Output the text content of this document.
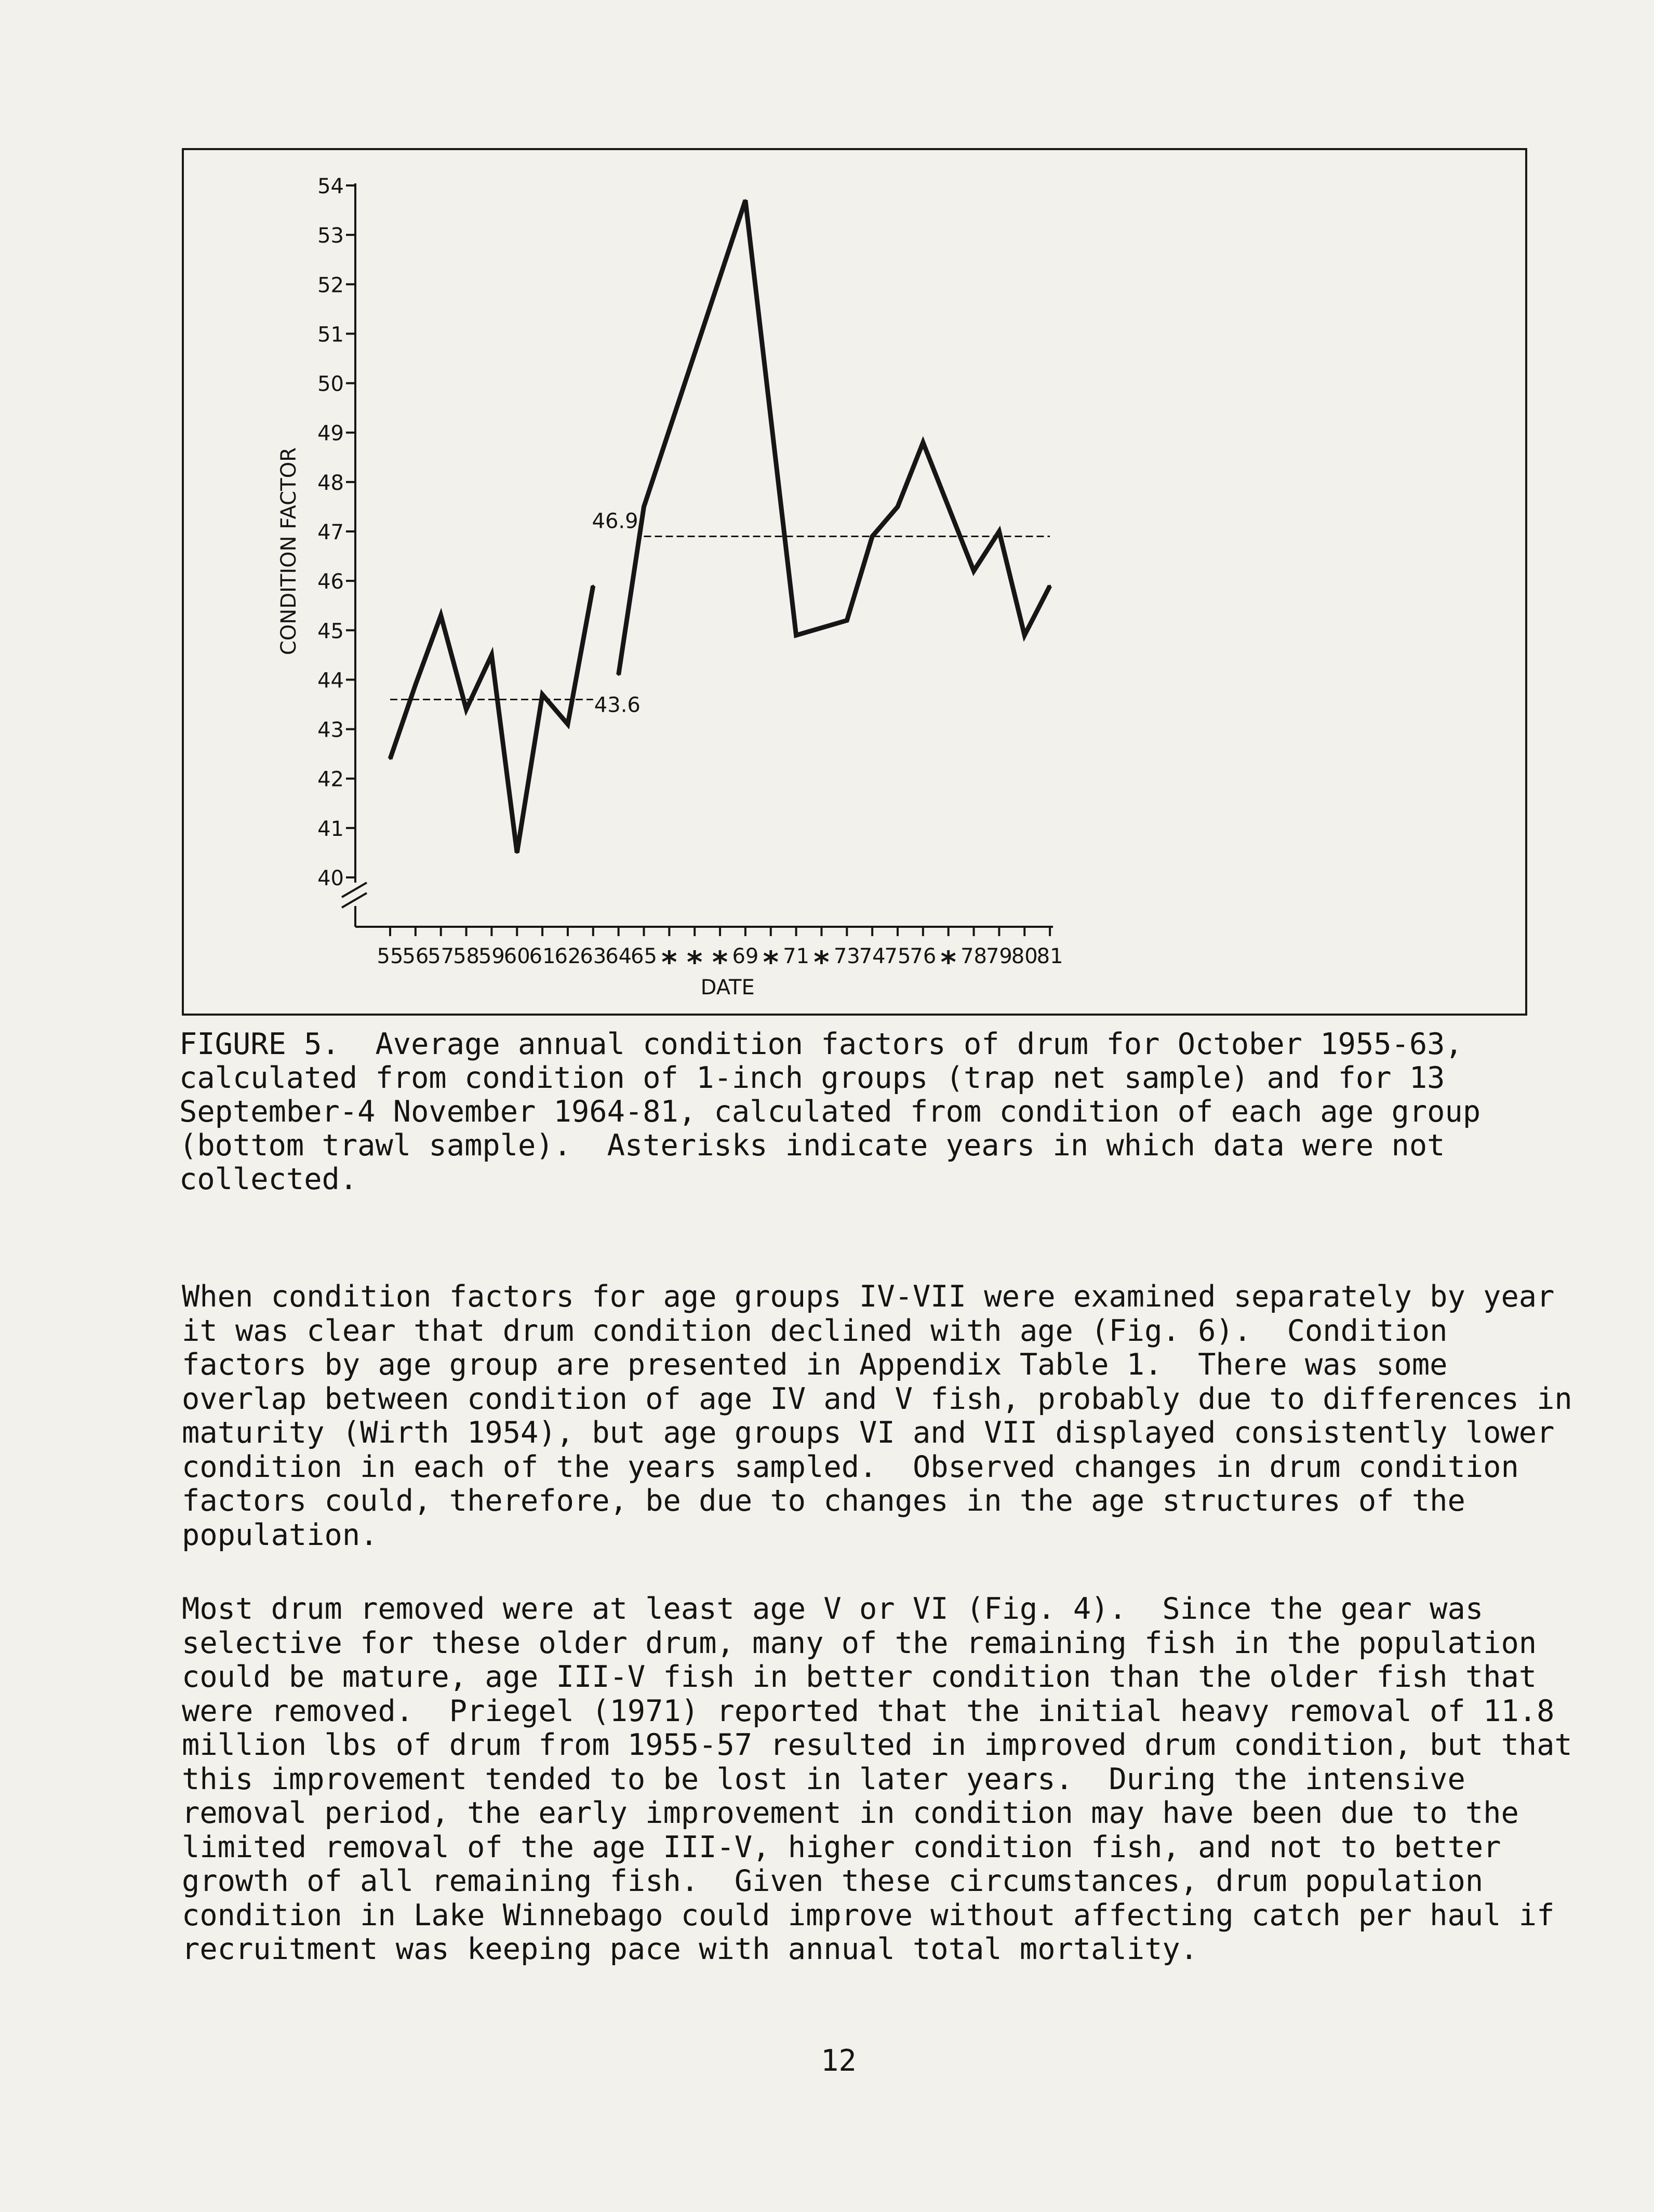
40
41
42
43
44
45
46
47
48
49
50
51
52
53
54
CONDITION FACTOR
55
56
57
58
59
60
61
62
63
64
65 * * * 69 * 71 * 73
74
75
76 * 78
79
80
81
DATE
43.6
46.9
FIGURE 5.  Average annual condition factors of drum for October 1955-63,
calculated from condition of 1-inch groups (trap net sample) and for 13
September-4 November 1964-81, calculated from condition of each age group
(bottom trawl sample).  Asterisks indicate years in which data were not
collected.
When condition factors for age groups IV-VII were examined separately by year
it was clear that drum condition declined with age (Fig. 6).  Condition
factors by age group are presented in Appendix Table 1.  There was some
overlap between condition of age IV and V fish, probably due to differences in
maturity (Wirth 1954), but age groups VI and VII displayed consistently lower
condition in each of the years sampled.  Observed changes in drum condition
factors could, therefore, be due to changes in the age structures of the
population.
Most drum removed were at least age V or VI (Fig. 4).  Since the gear was
selective for these older drum, many of the remaining fish in the population
could be mature, age III-V fish in better condition than the older fish that
were removed.  Priegel (1971) reported that the initial heavy removal of 11.8
million lbs of drum from 1955-57 resulted in improved drum condition, but that
this improvement tended to be lost in later years.  During the intensive
removal period, the early improvement in condition may have been due to the
limited removal of the age III-V, higher condition fish, and not to better
growth of all remaining fish.  Given these circumstances, drum population
condition in Lake Winnebago could improve without affecting catch per haul if
recruitment was keeping pace with annual total mortality.

12
